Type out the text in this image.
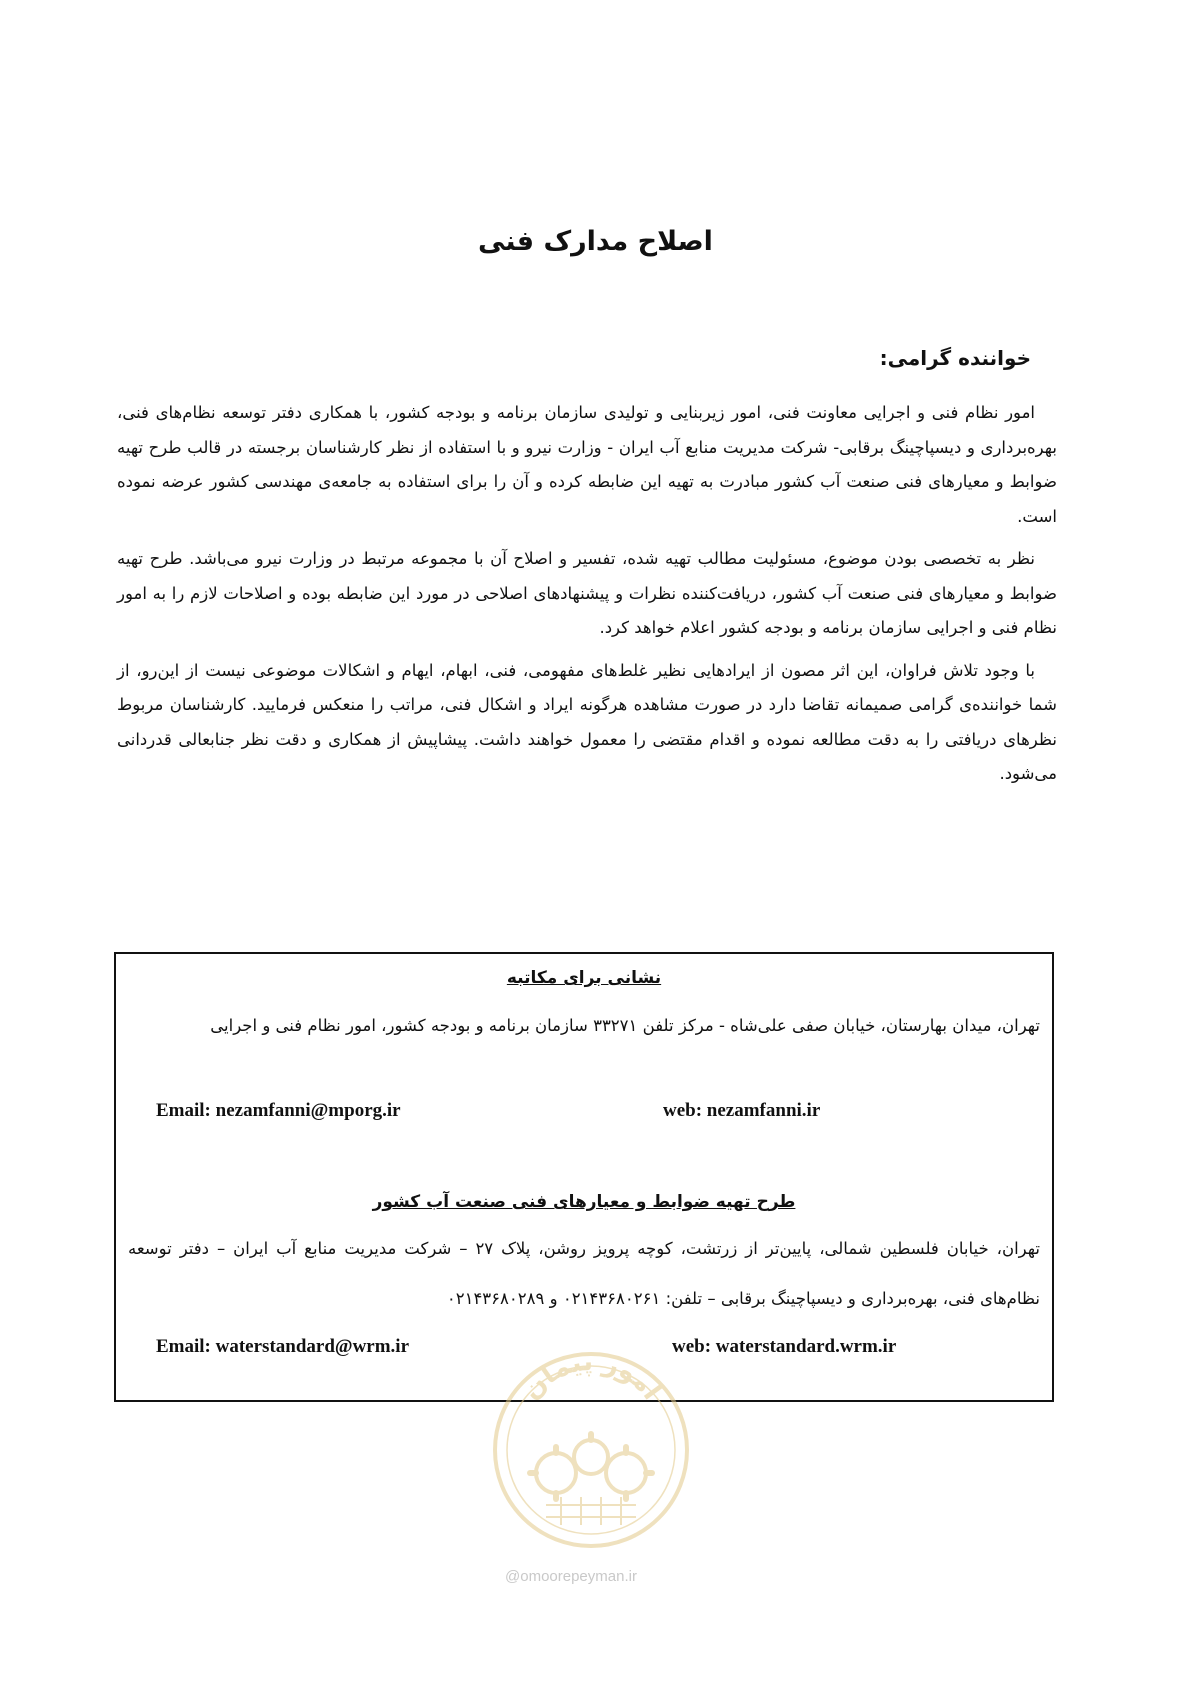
اصلاح مدارک فنی
خواننده گرامی:

امور نظام فنی و اجرایی معاونت فنی، امور زیربنایی و تولیدی سازمان برنامه و بودجه کشور، با همکاری دفتر توسعه نظام‌های فنی، بهره‌برداری و دیسپاچینگ برقابی- شرکت مدیریت منابع آب ایران - وزارت نیرو و با استفاده از نظر کارشناسان برجسته در قالب طرح تهیه ضوابط و معیارهای فنی صنعت آب کشور مبادرت به تهیه این ضابطه کرده و آن را برای استفاده به جامعه‌ی مهندسی کشور عرضه نموده است.

نظر به تخصصی بودن موضوع، مسئولیت مطالب تهیه شده، تفسیر و اصلاح آن با مجموعه مرتبط در وزارت نیرو می‌باشد. طرح تهیه ضوابط و معیارهای فنی صنعت آب کشور، دریافت‌کننده نظرات و پیشنهادهای اصلاحی در مورد این ضابطه بوده و اصلاحات لازم را به امور نظام فنی و اجرایی سازمان برنامه و بودجه کشور اعلام خواهد کرد.

با وجود تلاش فراوان، این اثر مصون از ایرادهایی نظیر غلط‌های مفهومی، فنی، ابهام، ایهام و اشکالات موضوعی نیست از این‌رو، از شما خواننده‌ی گرامی صمیمانه تقاضا دارد در صورت مشاهده هرگونه ایراد و اشکال فنی، مراتب را منعکس فرمایید. کارشناسان مربوط نظرهای دریافتی را به دقت مطالعه نموده و اقدام مقتضی را معمول خواهند داشت. پیشاپیش از همکاری و دقت نظر جنابعالی قدردانی می‌شود.

نشانی برای مکاتبه
تهران، میدان بهارستان، خیابان صفی علی‌شاه - مرکز تلفن ۳۳۲۷۱ سازمان برنامه و بودجه کشور، امور نظام فنی و اجرایی
Email: nezamfanni@mporg.ir	web: nezamfanni.ir
طرح تهیه ضوابط و معیارهای فنی صنعت آب کشور
تهران، خیابان فلسطین شمالی، پایین‌تر از زرتشت، کوچه پرویز روشن، پلاک ۲۷ – شرکت مدیریت منابع آب ایران – دفتر توسعه نظام‌های فنی، بهره‌برداری و دیسپاچینگ برقابی – تلفن: ۰۲۱۴۳۶۸۰۲۶۱ و ۰۲۱۴۳۶۸۰۲۸۹
Email: waterstandard@wrm.ir	web: waterstandard.wrm.ir
امور پیمان
@omoorepeyman.ir
